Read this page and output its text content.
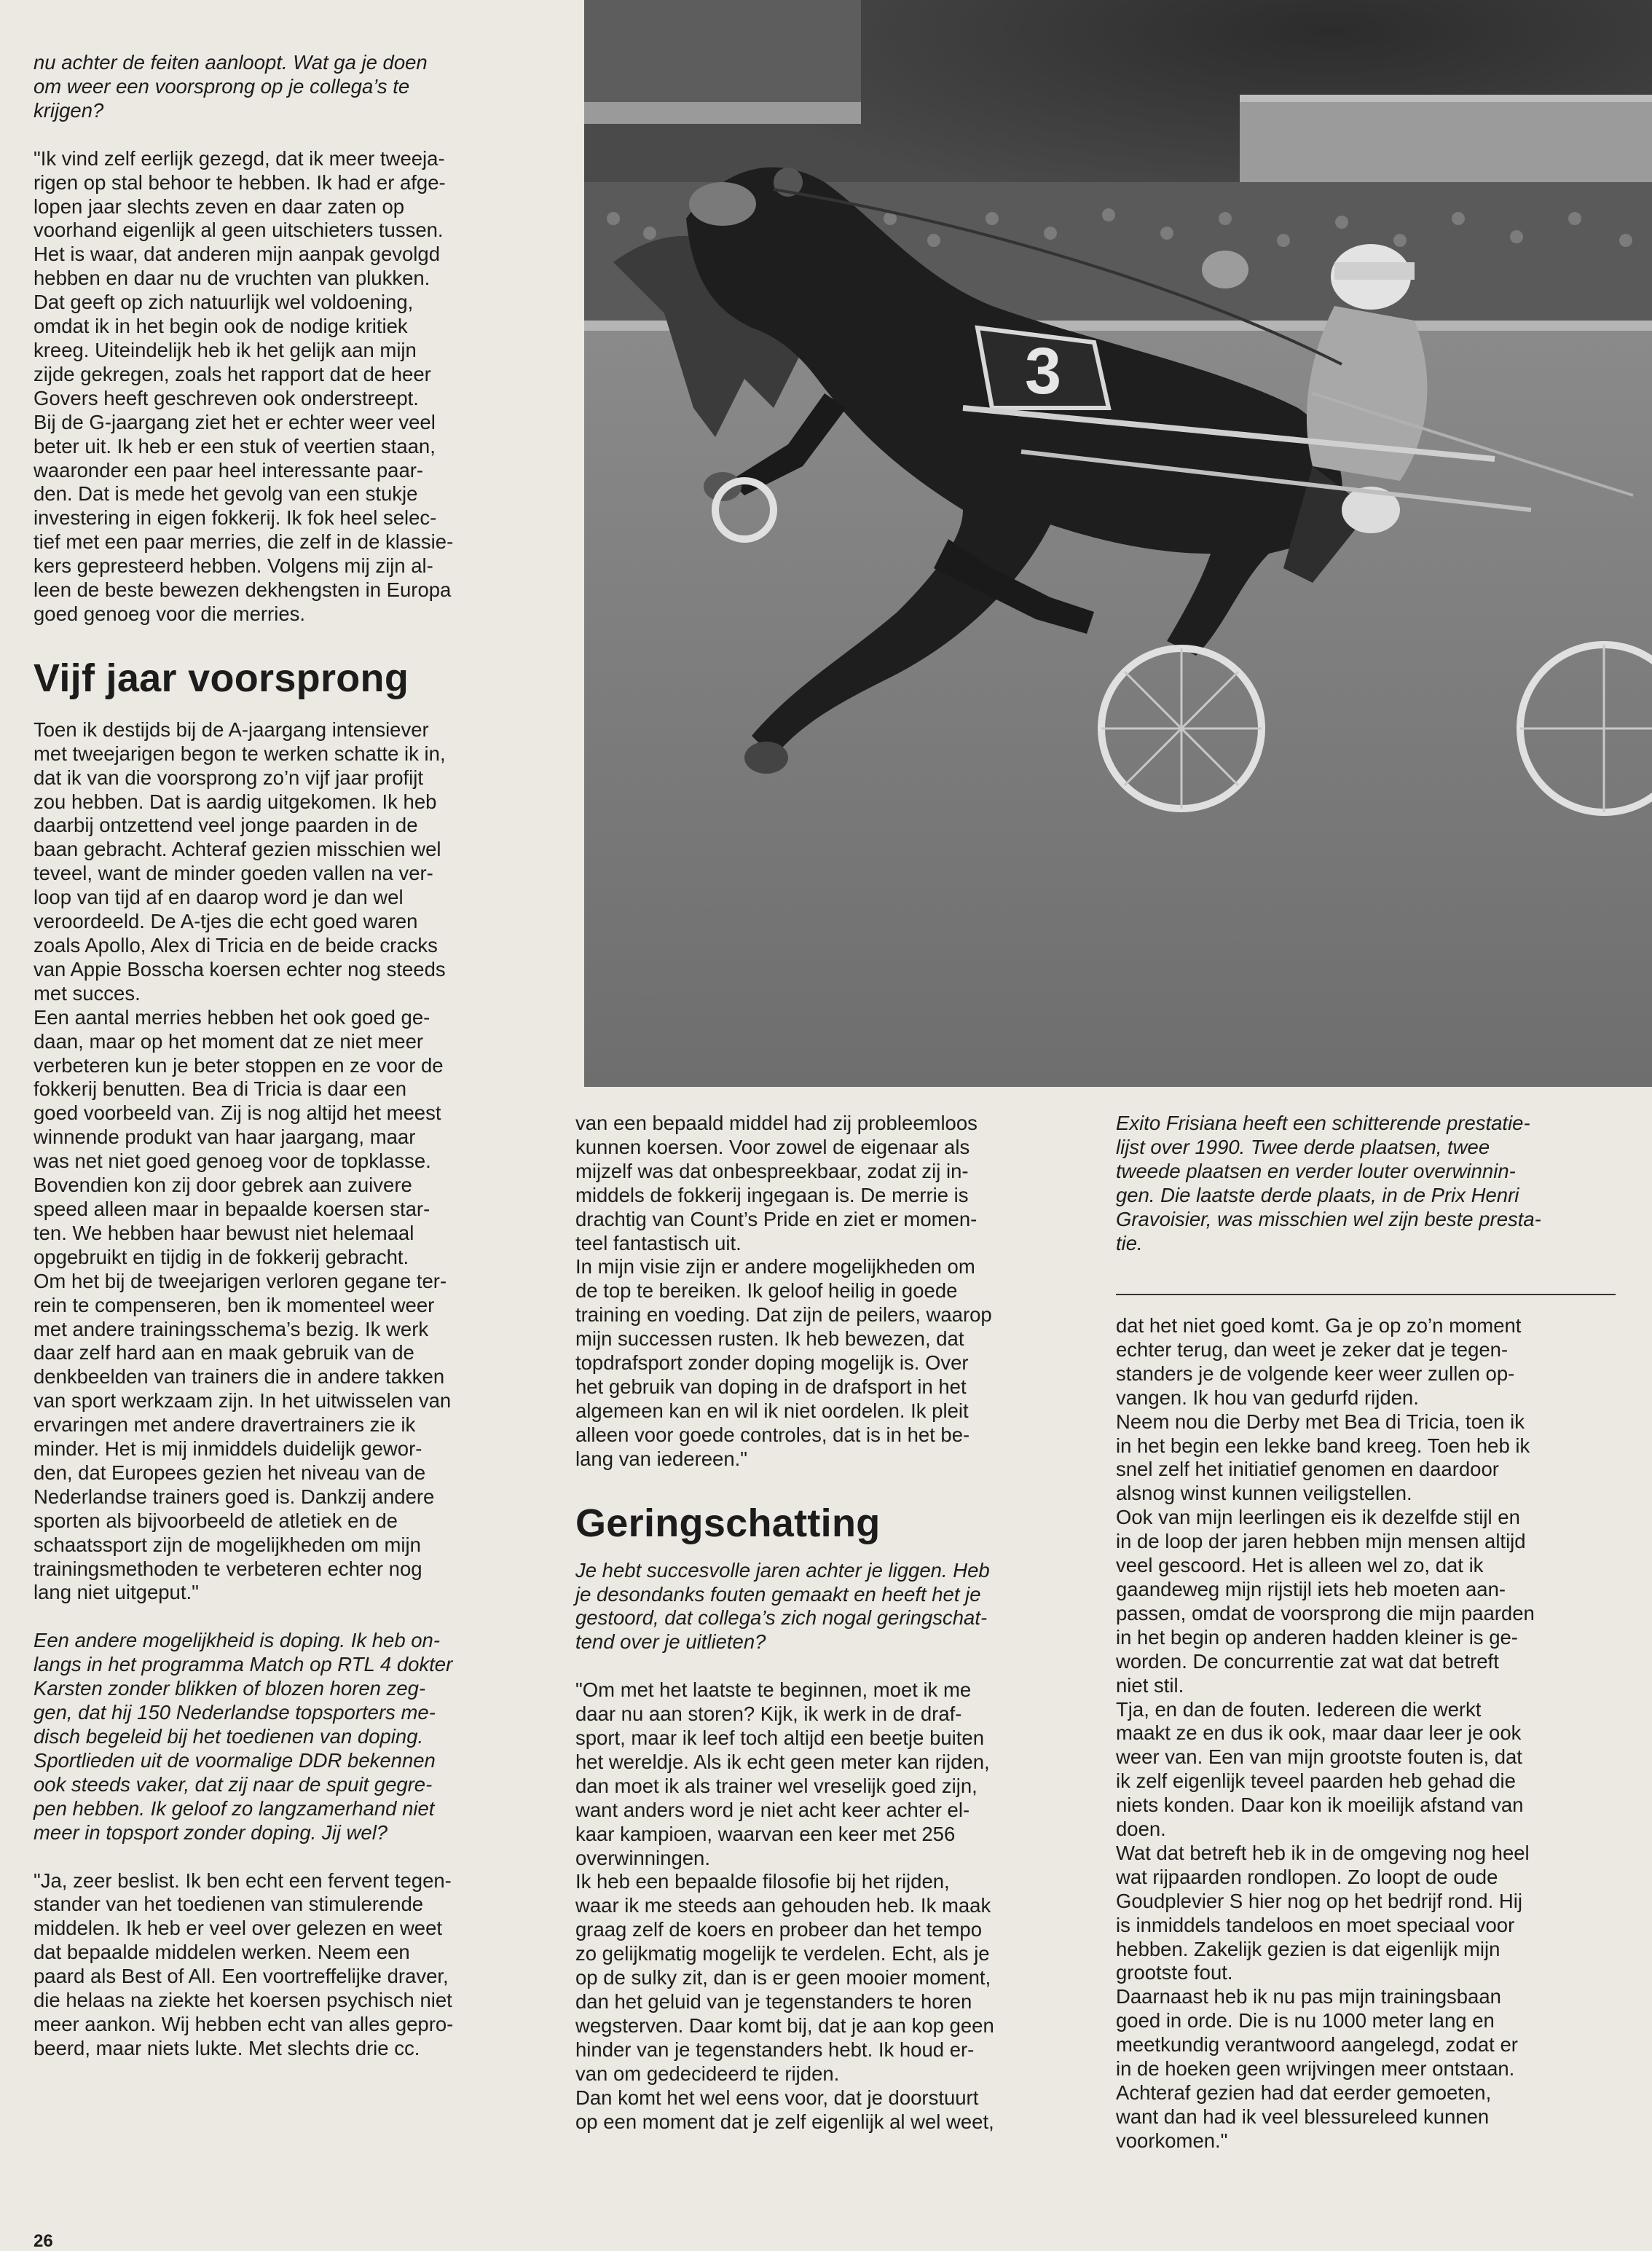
3

nu achter de feiten aanloopt. Wat ga je doen
om weer een voorsprong op je collega’s te
krijgen?

"Ik vind zelf eerlijk gezegd, dat ik meer tweeja-
rigen op stal behoor te hebben. Ik had er afge-
lopen jaar slechts zeven en daar zaten op
voorhand eigenlijk al geen uitschieters tussen.
Het is waar, dat anderen mijn aanpak gevolgd
hebben en daar nu de vruchten van plukken.
Dat geeft op zich natuurlijk wel voldoening,
omdat ik in het begin ook de nodige kritiek
kreeg. Uiteindelijk heb ik het gelijk aan mijn
zijde gekregen, zoals het rapport dat de heer
Govers heeft geschreven ook onderstreept.
Bij de G-jaargang ziet het er echter weer veel
beter uit. Ik heb er een stuk of veertien staan,
waaronder een paar heel interessante paar-
den. Dat is mede het gevolg van een stukje
investering in eigen fokkerij. Ik fok heel selec-
tief met een paar merries, die zelf in de klassie-
kers gepresteerd hebben. Volgens mij zijn al-
leen de beste bewezen dekhengsten in Europa
goed genoeg voor die merries.

Vijf jaar voorsprong

Toen ik destijds bij de A-jaargang intensiever
met tweejarigen begon te werken schatte ik in,
dat ik van die voorsprong zo’n vijf jaar profijt
zou hebben. Dat is aardig uitgekomen. Ik heb
daarbij ontzettend veel jonge paarden in de
baan gebracht. Achteraf gezien misschien wel
teveel, want de minder goeden vallen na ver-
loop van tijd af en daarop word je dan wel
veroordeeld. De A-tjes die echt goed waren
zoals Apollo, Alex di Tricia en de beide cracks
van Appie Bosscha koersen echter nog steeds
met succes.
Een aantal merries hebben het ook goed ge-
daan, maar op het moment dat ze niet meer
verbeteren kun je beter stoppen en ze voor de
fokkerij benutten. Bea di Tricia is daar een
goed voorbeeld van. Zij is nog altijd het meest
winnende produkt van haar jaargang, maar
was net niet goed genoeg voor de topklasse.
Bovendien kon zij door gebrek aan zuivere
speed alleen maar in bepaalde koersen star-
ten. We hebben haar bewust niet helemaal
opgebruikt en tijdig in de fokkerij gebracht.
Om het bij de tweejarigen verloren gegane ter-
rein te compenseren, ben ik momenteel weer
met andere trainingsschema’s bezig. Ik werk
daar zelf hard aan en maak gebruik van de
denkbeelden van trainers die in andere takken
van sport werkzaam zijn. In het uitwisselen van
ervaringen met andere dravertrainers zie ik
minder. Het is mij inmiddels duidelijk gewor-
den, dat Europees gezien het niveau van de
Nederlandse trainers goed is. Dankzij andere
sporten als bijvoorbeeld de atletiek en de
schaatssport zijn de mogelijkheden om mijn
trainingsmethoden te verbeteren echter nog
lang niet uitgeput."

Een andere mogelijkheid is doping. Ik heb on-
langs in het programma Match op RTL 4 dokter
Karsten zonder blikken of blozen horen zeg-
gen, dat hij 150 Nederlandse topsporters me-
disch begeleid bij het toedienen van doping.
Sportlieden uit de voormalige DDR bekennen
ook steeds vaker, dat zij naar de spuit gegre-
pen hebben. Ik geloof zo langzamerhand niet
meer in topsport zonder doping. Jij wel?

"Ja, zeer beslist. Ik ben echt een fervent tegen-
stander van het toedienen van stimulerende
middelen. Ik heb er veel over gelezen en weet
dat bepaalde middelen werken. Neem een
paard als Best of All. Een voortreffelijke draver,
die helaas na ziekte het koersen psychisch niet
meer aankon. Wij hebben echt van alles gepro-
beerd, maar niets lukte. Met slechts drie cc.

van een bepaald middel had zij probleemloos
kunnen koersen. Voor zowel de eigenaar als
mijzelf was dat onbespreekbaar, zodat zij in-
middels de fokkerij ingegaan is. De merrie is
drachtig van Count’s Pride en ziet er momen-
teel fantastisch uit.
In mijn visie zijn er andere mogelijkheden om
de top te bereiken. Ik geloof heilig in goede
training en voeding. Dat zijn de peilers, waarop
mijn successen rusten. Ik heb bewezen, dat
topdrafsport zonder doping mogelijk is. Over
het gebruik van doping in de drafsport in het
algemeen kan en wil ik niet oordelen. Ik pleit
alleen voor goede controles, dat is in het be-
lang van iedereen."

Geringschatting

Je hebt succesvolle jaren achter je liggen. Heb
je desondanks fouten gemaakt en heeft het je
gestoord, dat collega’s zich nogal geringschat-
tend over je uitlieten?

"Om met het laatste te beginnen, moet ik me
daar nu aan storen? Kijk, ik werk in de draf-
sport, maar ik leef toch altijd een beetje buiten
het wereldje. Als ik echt geen meter kan rijden,
dan moet ik als trainer wel vreselijk goed zijn,
want anders word je niet acht keer achter el-
kaar kampioen, waarvan een keer met 256
overwinningen.
Ik heb een bepaalde filosofie bij het rijden,
waar ik me steeds aan gehouden heb. Ik maak
graag zelf de koers en probeer dan het tempo
zo gelijkmatig mogelijk te verdelen. Echt, als je
op de sulky zit, dan is er geen mooier moment,
dan het geluid van je tegenstanders te horen
wegsterven. Daar komt bij, dat je aan kop geen
hinder van je tegenstanders hebt. Ik houd er-
van om gedecideerd te rijden.
Dan komt het wel eens voor, dat je doorstuurt
op een moment dat je zelf eigenlijk al wel weet,

Exito Frisiana heeft een schitterende prestatie-
lijst over 1990. Twee derde plaatsen, twee
tweede plaatsen en verder louter overwinnin-
gen. Die laatste derde plaats, in de Prix Henri
Gravoisier, was misschien wel zijn beste presta-
tie.

dat het niet goed komt. Ga je op zo’n moment
echter terug, dan weet je zeker dat je tegen-
standers je de volgende keer weer zullen op-
vangen. Ik hou van gedurfd rijden.
Neem nou die Derby met Bea di Tricia, toen ik
in het begin een lekke band kreeg. Toen heb ik
snel zelf het initiatief genomen en daardoor
alsnog winst kunnen veiligstellen.
Ook van mijn leerlingen eis ik dezelfde stijl en
in de loop der jaren hebben mijn mensen altijd
veel gescoord. Het is alleen wel zo, dat ik
gaandeweg mijn rijstijl iets heb moeten aan-
passen, omdat de voorsprong die mijn paarden
in het begin op anderen hadden kleiner is ge-
worden. De concurrentie zat wat dat betreft
niet stil.
Tja, en dan de fouten. Iedereen die werkt
maakt ze en dus ik ook, maar daar leer je ook
weer van. Een van mijn grootste fouten is, dat
ik zelf eigenlijk teveel paarden heb gehad die
niets konden. Daar kon ik moeilijk afstand van
doen.
Wat dat betreft heb ik in de omgeving nog heel
wat rijpaarden rondlopen. Zo loopt de oude
Goudplevier S hier nog op het bedrijf rond. Hij
is inmiddels tandeloos en moet speciaal voor
hebben. Zakelijk gezien is dat eigenlijk mijn
grootste fout.
Daarnaast heb ik nu pas mijn trainingsbaan
goed in orde. Die is nu 1000 meter lang en
meetkundig verantwoord aangelegd, zodat er
in de hoeken geen wrijvingen meer ontstaan.
Achteraf gezien had dat eerder gemoeten,
want dan had ik veel blessureleed kunnen
voorkomen."

26
